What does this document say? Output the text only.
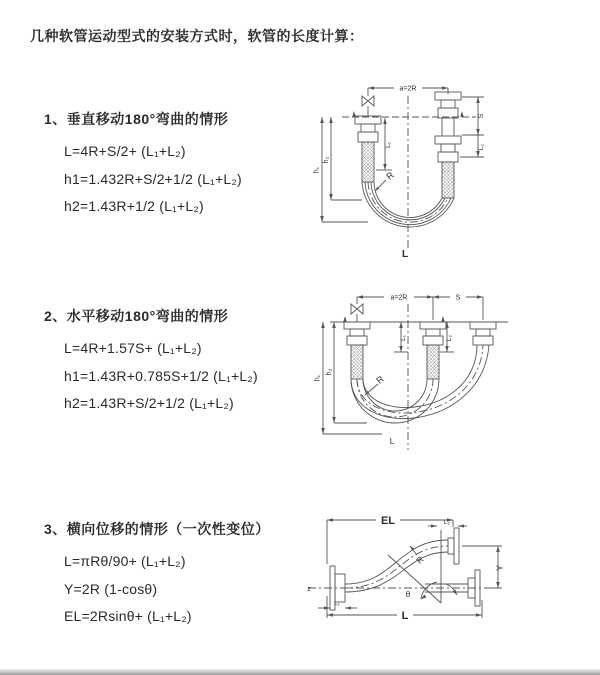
几种软管运动型式的安装方式时，软管的长度计算：
1、垂直移动180°弯曲的情形
L=4R+S/2+ (L₁+L₂)
h1=1.432R+S/2+1/2 (L₁+L₂)
h2=1.43R+1/2 (L₁+L₂)
2、水平移动180°弯曲的情形
L=4R+1.57S+ (L₁+L₂)
h1=1.43R+0.785S+1/2 (L₁+L₂)
h2=1.43R+S/2+1/2 (L₁+L₂)
3、横向位移的情形（一次性变位）
L=πRθ/90+ (L₁+L₂)
Y=2R (1-cosθ)
EL=2Rsinθ+ (L₁+L₂)
a=2R
h₁
h₂
L₁
S
L₂
R
L
a=2R	S
h₁
h₂
L₁	L₂
R
L
EL	L₂
Y
L
L₁
R
θ
z
